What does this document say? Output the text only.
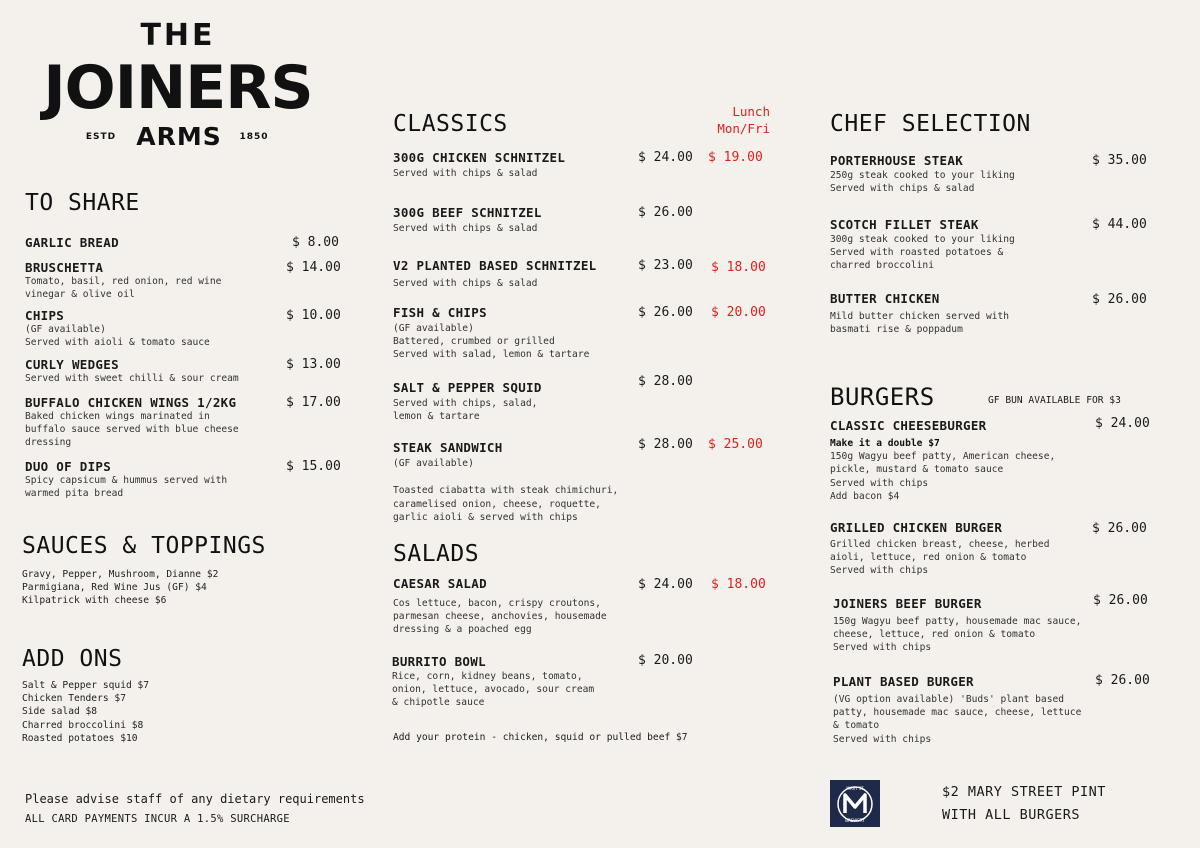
THE
JOINERS
ESTD ARMS	1850
TO SHARE
GARLIC BREAD	$ 8.00
BRUSCHETTA	$ 14.00
Tomato, basil, red onion, red wine
vinegar & olive oil
CHIPS	$ 10.00
(GF available)
Served with aioli & tomato sauce
CURLY WEDGES	$ 13.00
Served with sweet chilli & sour cream
BUFFALO CHICKEN WINGS 1/2KG	$ 17.00
Baked chicken wings marinated in
buffalo sauce served with blue cheese
dressing
DUO OF DIPS	$ 15.00
Spicy capsicum & hummus served with
warmed pita bread
SAUCES & TOPPINGS
Gravy, Pepper, Mushroom, Dianne $2
Parmigiana, Red Wine Jus (GF) $4
Kilpatrick with cheese $6
ADD ONS
Salt & Pepper squid $7
Chicken Tenders $7
Side salad $8
Charred broccolini $8
Roasted potatoes $10
Please advise staff of any dietary requirements
ALL CARD PAYMENTS INCUR A 1.5% SURCHARGE
CLASSICS	Lunch
Mon/Fri
300G CHICKEN SCHNITZEL	$ 24.00 $ 19.00
Served with chips & salad
300G BEEF SCHNITZEL	$ 26.00
Served with chips & salad
V2 PLANTED BASED SCHNITZEL	$ 23.00 $ 18.00
Served with chips & salad
FISH & CHIPS	$ 26.00 $ 20.00
(GF available)
Battered, crumbed or grilled
Served with salad, lemon & tartare
SALT & PEPPER SQUID	$ 28.00
Served with chips, salad,
lemon & tartare
STEAK SANDWICH	$ 28.00 $ 25.00
(GF available)

Toasted ciabatta with steak chimichuri,
caramelised onion, cheese, roquette,
garlic aioli & served with chips
SALADS
CAESAR SALAD	$ 24.00 $ 18.00
Cos lettuce, bacon, crispy croutons,
parmesan cheese, anchovies, housemade
dressing & a poached egg
BURRITO BOWL	$ 20.00
Rice, corn, kidney beans, tomato,
onion, lettuce, avocado, sour cream
& chipotle sauce
Add your protein - chicken, squid or pulled beef $7
CHEF SELECTION
PORTERHOUSE STEAK	$ 35.00
250g steak cooked to your liking
Served with chips & salad
SCOTCH FILLET STEAK	$ 44.00
300g steak cooked to your liking
Served with roasted potatoes &
charred broccolini
BUTTER CHICKEN	$ 26.00
Mild butter chicken served with
basmati rise & poppadum
BURGERS	GF BUN AVAILABLE FOR $3
CLASSIC CHEESEBURGER	$ 24.00
Make it a double $7
150g Wagyu beef patty, American cheese,
pickle, mustard & tomato sauce
Served with chips
Add bacon $4
GRILLED CHICKEN BURGER	$ 26.00
Grilled chicken breast, cheese, herbed
aioli, lettuce, red onion & tomato
Served with chips
JOINERS BEEF BURGER	$ 26.00
150g Wagyu beef patty, housemade mac sauce,
cheese, lettuce, red onion & tomato
Served with chips
PLANT BASED BURGER	$ 26.00
(VG option available) 'Buds' plant based
patty, housemade mac sauce, cheese, lettuce
& tomato
Served with chips
MARY ST
BREWERY
$2 MARY STREET PINT
WITH ALL BURGERS
